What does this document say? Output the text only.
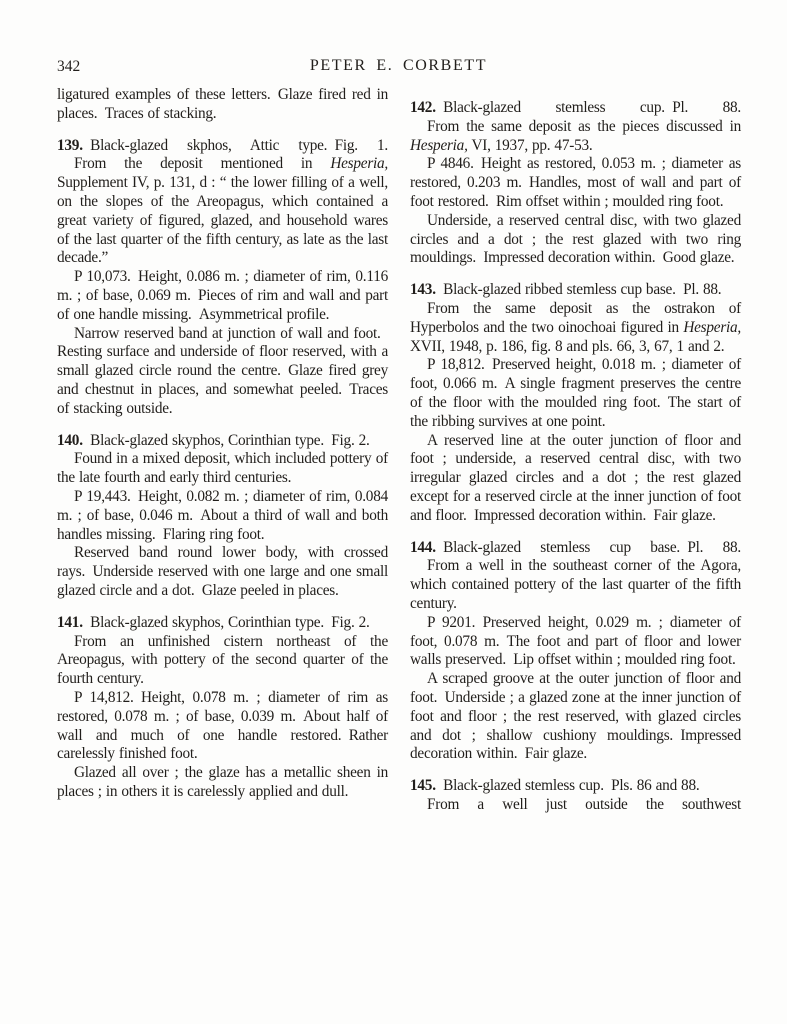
342	PETER E. CORBETT

ligatured examples of these letters. Glaze fired red in places. Traces of stacking.

139. Black-glazed skphos, Attic type. Fig. 1.

From the deposit mentioned in Hesperia, Supplement IV, p. 131, d : “ the lower filling of a well, on the slopes of the Areopagus, which contained a great variety of figured, glazed, and household wares of the last quarter of the fifth century, as late as the last decade.”

P 10,073. Height, 0.086 m. ; diameter of rim, 0.116 m. ; of base, 0.069 m. Pieces of rim and wall and part of one handle missing. Asymmetrical profile.

Narrow reserved band at junction of wall and foot. Resting surface and underside of floor reserved, with a small glazed circle round the centre. Glaze fired grey and chestnut in places, and somewhat peeled. Traces of stacking outside.

140. Black-glazed skyphos, Corinthian type. Fig. 2.

Found in a mixed deposit, which included pottery of the late fourth and early third centuries.

P 19,443. Height, 0.082 m. ; diameter of rim, 0.084 m. ; of base, 0.046 m. About a third of wall and both handles missing. Flaring ring foot.

Reserved band round lower body, with crossed rays. Underside reserved with one large and one small glazed circle and a dot. Glaze peeled in places.

141. Black-glazed skyphos, Corinthian type. Fig. 2.

From an unfinished cistern northeast of the Areopagus, with pottery of the second quarter of the fourth century.

P 14,812. Height, 0.078 m. ; diameter of rim as restored, 0.078 m. ; of base, 0.039 m. About half of wall and much of one handle restored. Rather carelessly finished foot.

Glazed all over ; the glaze has a metallic sheen in places ; in others it is carelessly applied and dull.

142. Black-glazed stemless cup. Pl. 88.

From the same deposit as the pieces discussed in Hesperia, VI, 1937, pp. 47-53.

P 4846. Height as restored, 0.053 m. ; diameter as restored, 0.203 m. Handles, most of wall and part of foot restored. Rim offset within ; moulded ring foot.

Underside, a reserved central disc, with two glazed circles and a dot ; the rest glazed with two ring mouldings. Impressed decoration within. Good glaze.

143. Black-glazed ribbed stemless cup base. Pl. 88.

From the same deposit as the ostrakon of Hyperbolos and the two oinochoai figured in Hesperia, XVII, 1948, p. 186, fig. 8 and pls. 66, 3, 67, 1 and 2.

P 18,812. Preserved height, 0.018 m. ; diameter of foot, 0.066 m. A single fragment preserves the centre of the floor with the moulded ring foot. The start of the ribbing survives at one point.

A reserved line at the outer junction of floor and foot ; underside, a reserved central disc, with two irregular glazed circles and a dot ; the rest glazed except for a reserved circle at the inner junction of foot and floor. Impressed decoration within. Fair glaze.

144. Black-glazed stemless cup base. Pl. 88.

From a well in the southeast corner of the Agora, which contained pottery of the last quarter of the fifth century.

P 9201. Preserved height, 0.029 m. ; diameter of foot, 0.078 m. The foot and part of floor and lower walls preserved. Lip offset within ; moulded ring foot.

A scraped groove at the outer junction of floor and foot. Underside ; a glazed zone at the inner junction of foot and floor ; the rest reserved, with glazed circles and dot ; shallow cushiony mouldings. Impressed decoration within. Fair glaze.

145. Black-glazed stemless cup. Pls. 86 and 88.

From a well just outside the southwest
